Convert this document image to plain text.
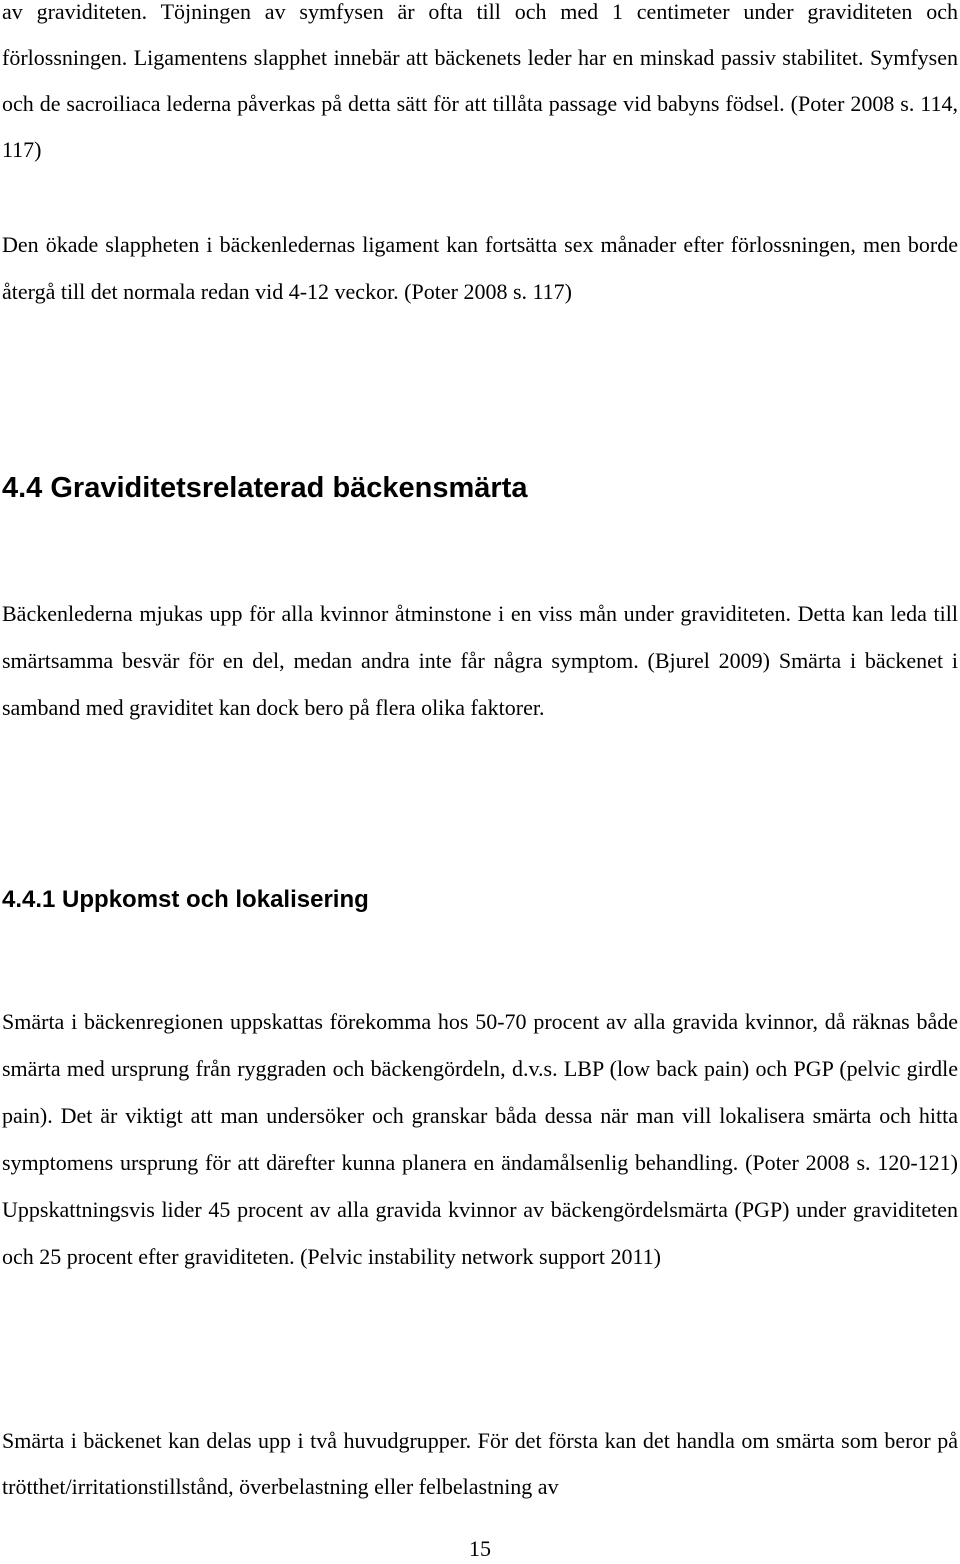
av graviditeten. Töjningen av symfysen är ofta till och med 1 centimeter under graviditeten och förlossningen. Ligamentens slapphet innebär att bäckenets leder har en minskad passiv stabilitet. Symfysen och de sacroiliaca lederna påverkas på detta sätt för att tillåta passage vid babyns födsel. (Poter 2008 s. 114, 117)

Den ökade slappheten i bäckenledernas ligament kan fortsätta sex månader efter förlossningen, men borde återgå till det normala redan vid 4-12 veckor. (Poter 2008 s. 117)

4.4 Graviditetsrelaterad bäckensmärta

Bäckenlederna mjukas upp för alla kvinnor åtminstone i en viss mån under graviditeten. Detta kan leda till smärtsamma besvär för en del, medan andra inte får några symptom. (Bjurel 2009) Smärta i bäckenet i samband med graviditet kan dock bero på flera olika faktorer.

4.4.1 Uppkomst och lokalisering

Smärta i bäckenregionen uppskattas förekomma hos 50-70 procent av alla gravida kvinnor, då räknas både smärta med ursprung från ryggraden och bäckengördeln, d.v.s. LBP (low back pain) och PGP (pelvic girdle pain). Det är viktigt att man undersöker och granskar båda dessa när man vill lokalisera smärta och hitta symptomens ursprung för att därefter kunna planera en ändamålsenlig behandling. (Poter 2008 s. 120-121) Uppskattningsvis lider 45 procent av alla gravida kvinnor av bäckengördelsmärta (PGP) under graviditeten och 25 procent efter graviditeten. (Pelvic instability network support 2011)

Smärta i bäckenet kan delas upp i två huvudgrupper. För det första kan det handla om smärta som beror på trötthet/irritationstillstånd, överbelastning eller felbelastning av

15
